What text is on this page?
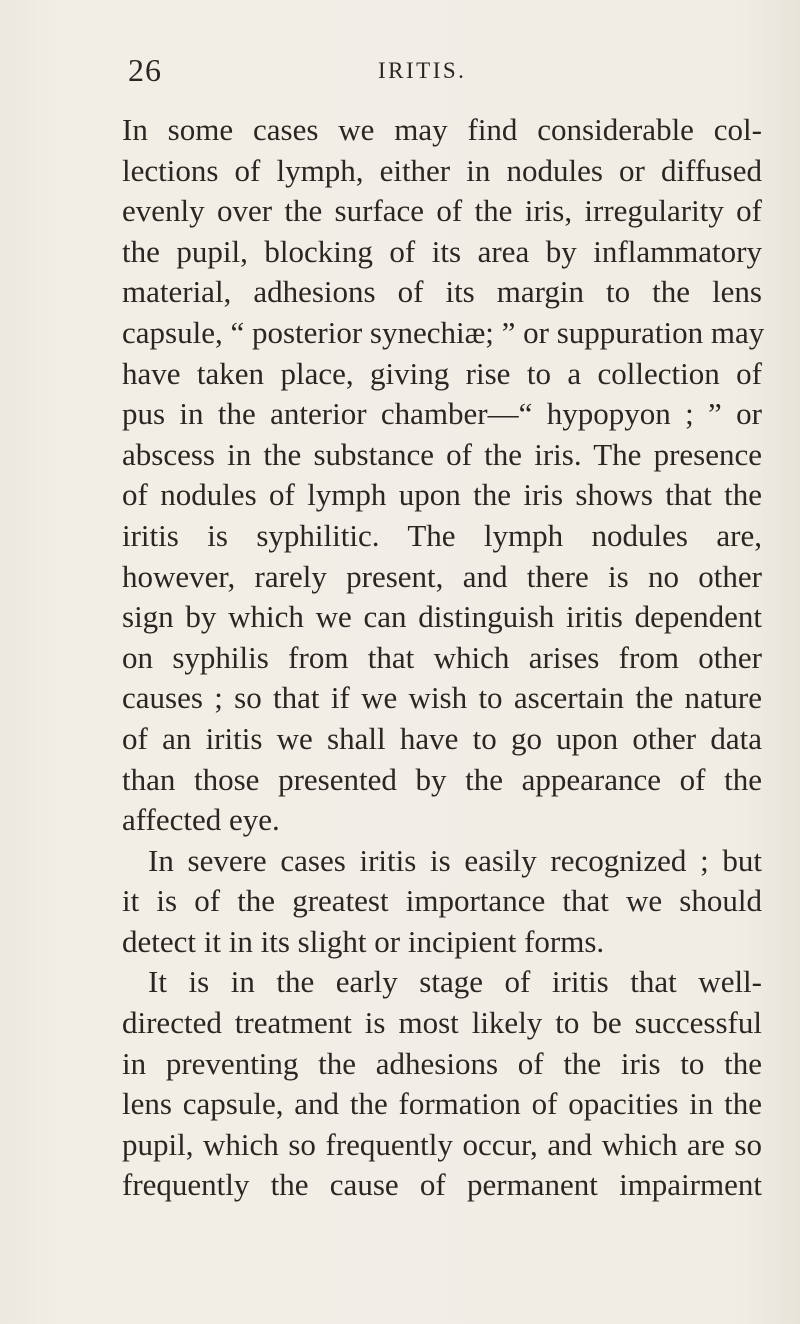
26	IRITIS.
In some cases we may find considerable col-
lections of lymph, either in nodules or diffused
evenly over the surface of the iris, irregularity of
the pupil, blocking of its area by inflammatory
material, adhesions of its margin to the lens
capsule, “ posterior synechiæ; ” or suppuration may
have taken place, giving rise to a collection of
pus in the anterior chamber—“ hypopyon ; ” or
abscess in the substance of the iris. The presence
of nodules of lymph upon the iris shows that the
iritis is syphilitic. The lymph nodules are,
however, rarely present, and there is no other
sign by which we can distinguish iritis dependent
on syphilis from that which arises from other
causes ; so that if we wish to ascertain the nature
of an iritis we shall have to go upon other data
than those presented by the appearance of the
affected eye.
In severe cases iritis is easily recognized ; but
it is of the greatest importance that we should
detect it in its slight or incipient forms.
It is in the early stage of iritis that well-
directed treatment is most likely to be successful
in preventing the adhesions of the iris to the
lens capsule, and the formation of opacities in the
pupil, which so frequently occur, and which are so
frequently the cause of permanent impairment
